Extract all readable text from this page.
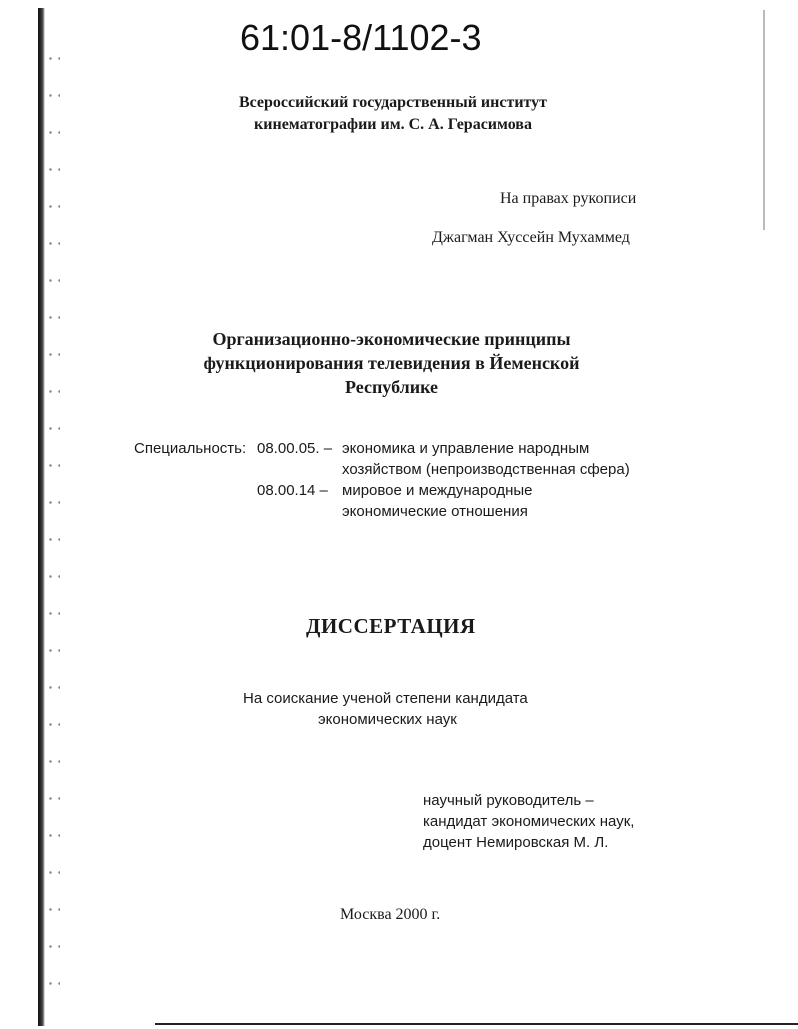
61:01-8/1102-3
Всероссийский государственный институт
кинематографии им. С. А. Герасимова
На правах рукописи
Джагман Хуссейн Мухаммед
Организационно-экономические принципы
функционирования телевидения в Йеменской
Республике
Специальность: 08.00.05. – экономика и управление народным
хозяйством (непроизводственная сфера)
08.00.14 – мировое и международные
экономические отношения
ДИССЕРТАЦИЯ
На соискание ученой степени кандидата
экономических наук
научный руководитель –
кандидат экономических наук,
доцент Немировская М. Л.
Москва 2000 г.
